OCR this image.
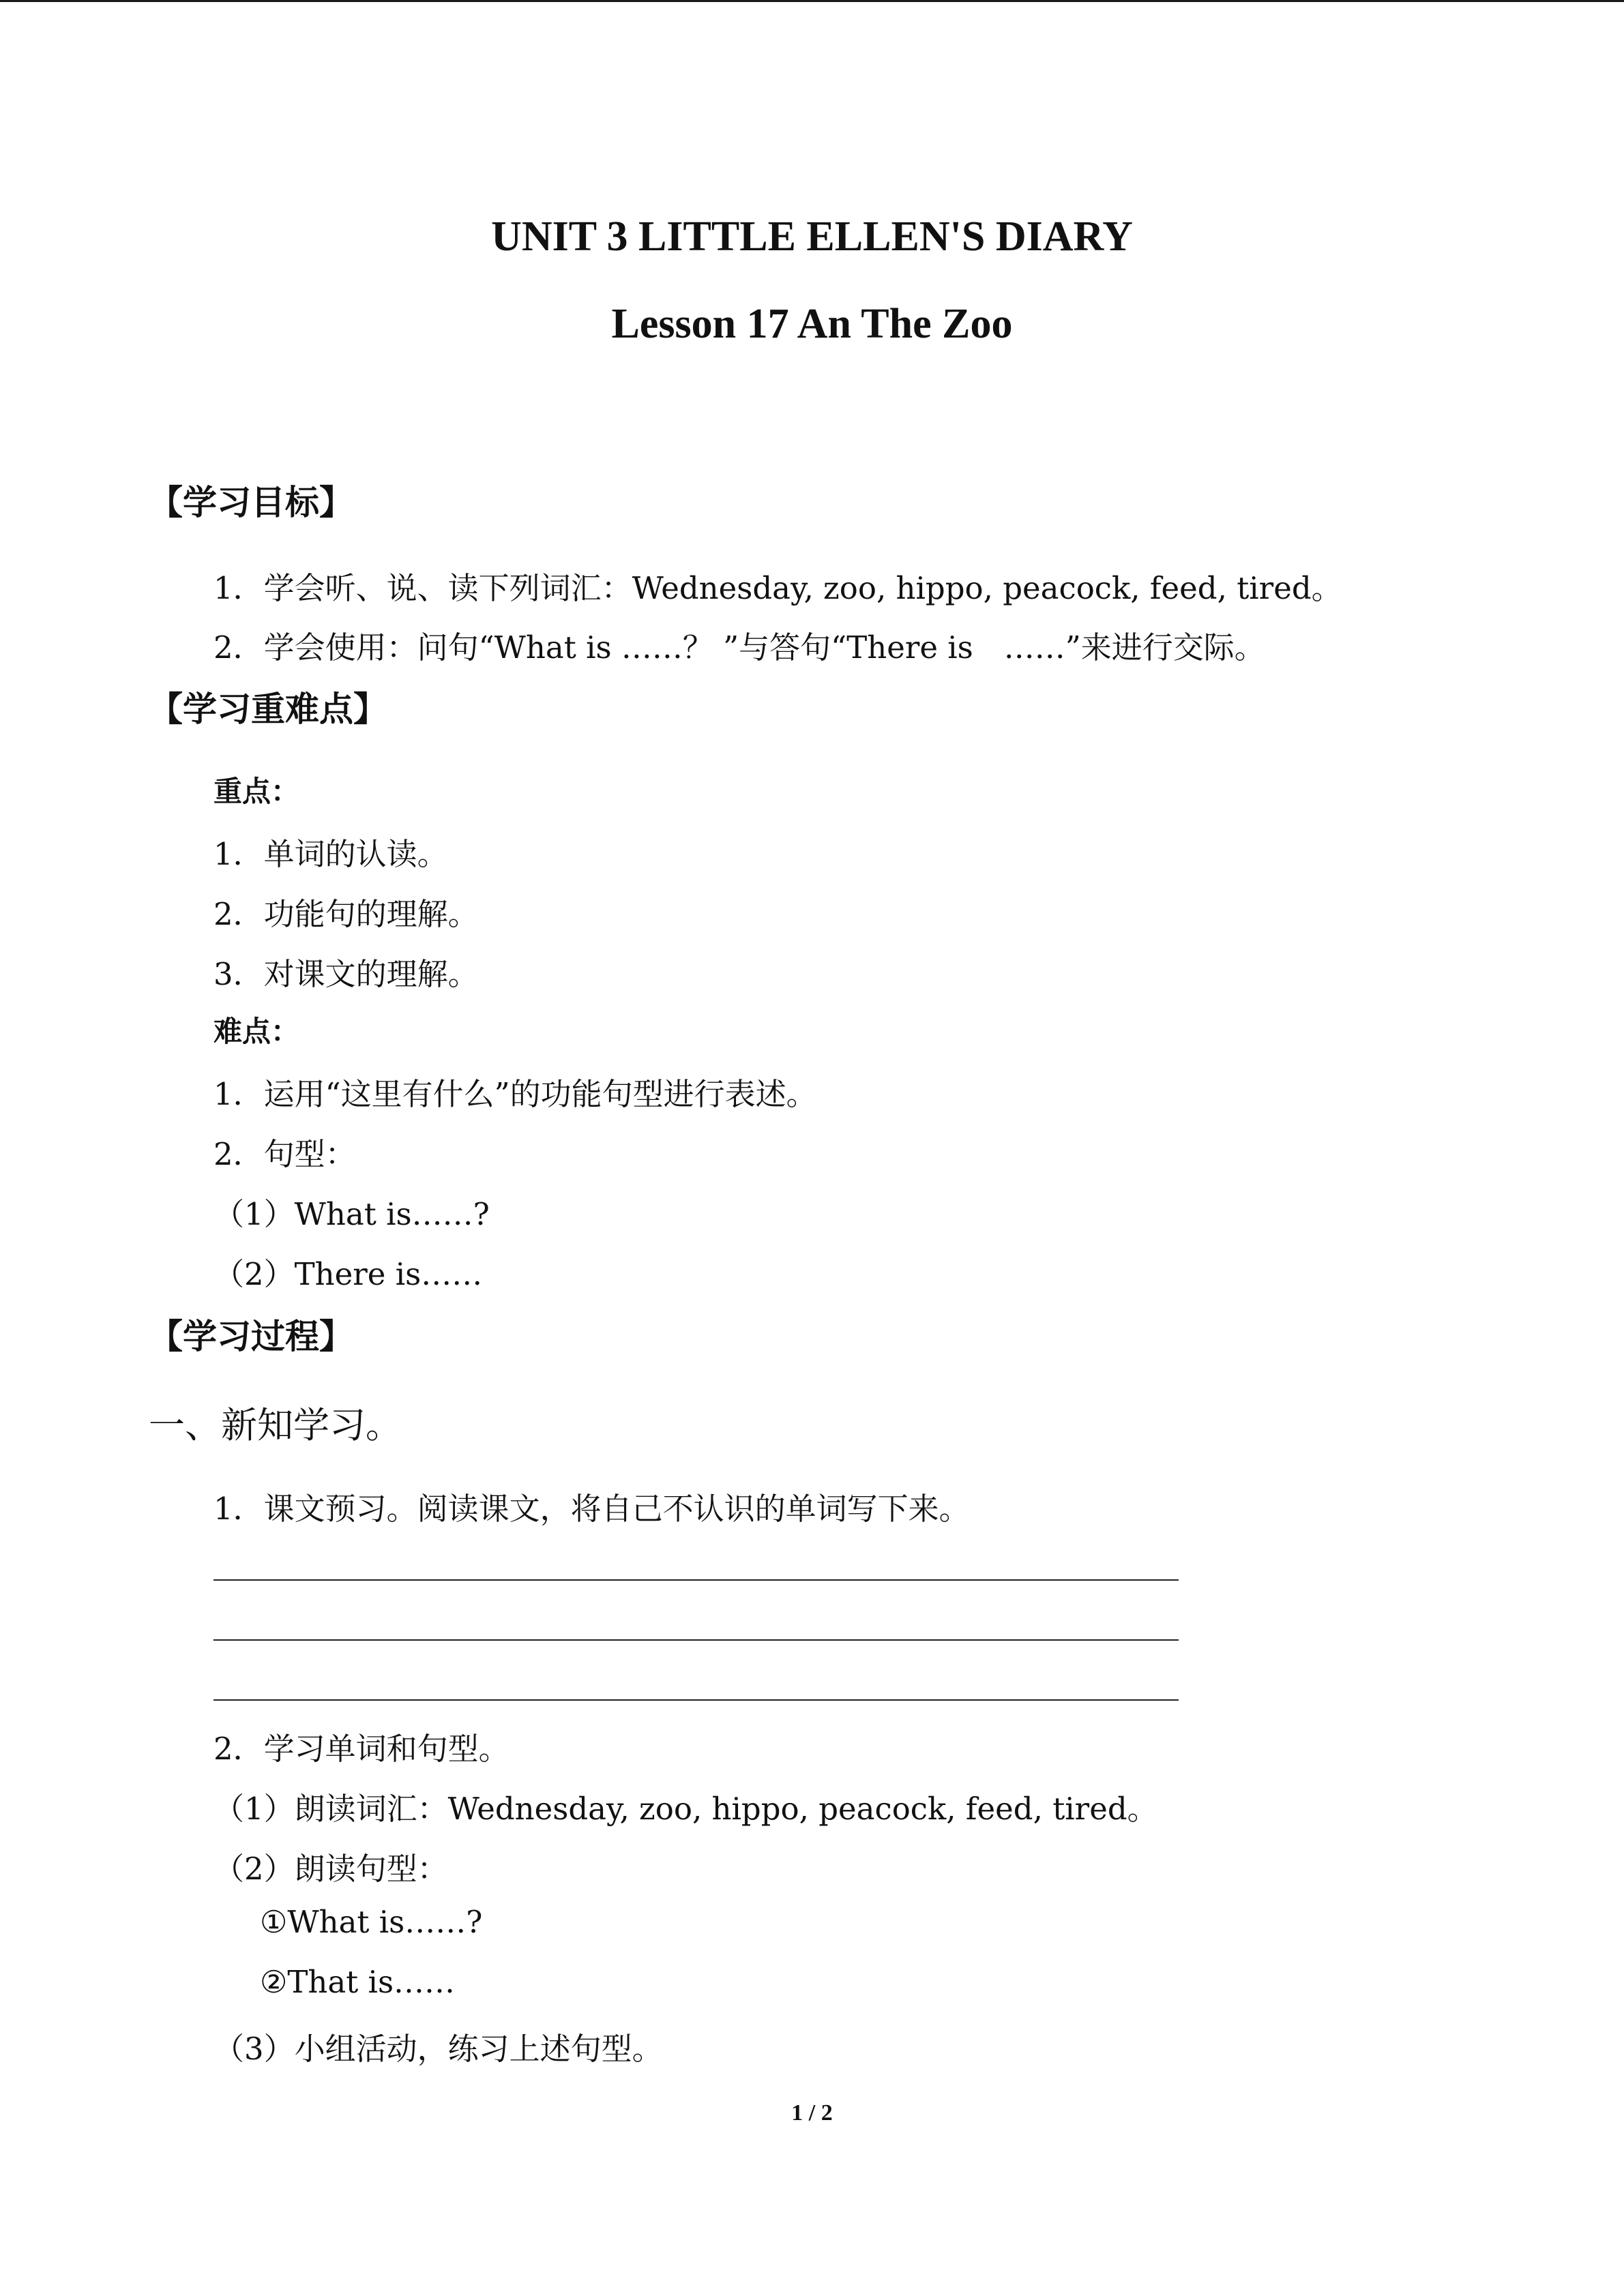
UNIT 3 LITTLE ELLEN'S DIARY
Lesson 17 An The Zoo
【学习目标】
1．学会听、说、读下列词汇：Wednesday, zoo, hippo, peacock, feed, tired。
2．学会使用：问句“What is ……？ ”与答句“There is　……”来进行交际。
【学习重难点】
重点：
1．单词的认读。
2．功能句的理解。
3．对课文的理解。
难点：
1．运用“这里有什么”的功能句型进行表述。
2．句型：
（1）What is……?
（2）There is……
【学习过程】
一、新知学习。
1．课文预习。阅读课文，将自己不认识的单词写下来。
2．学习单词和句型。
（1）朗读词汇：Wednesday, zoo, hippo, peacock, feed, tired。
（2）朗读句型：
①What is……?
②That is……
（3）小组活动，练习上述句型。
1 / 2
